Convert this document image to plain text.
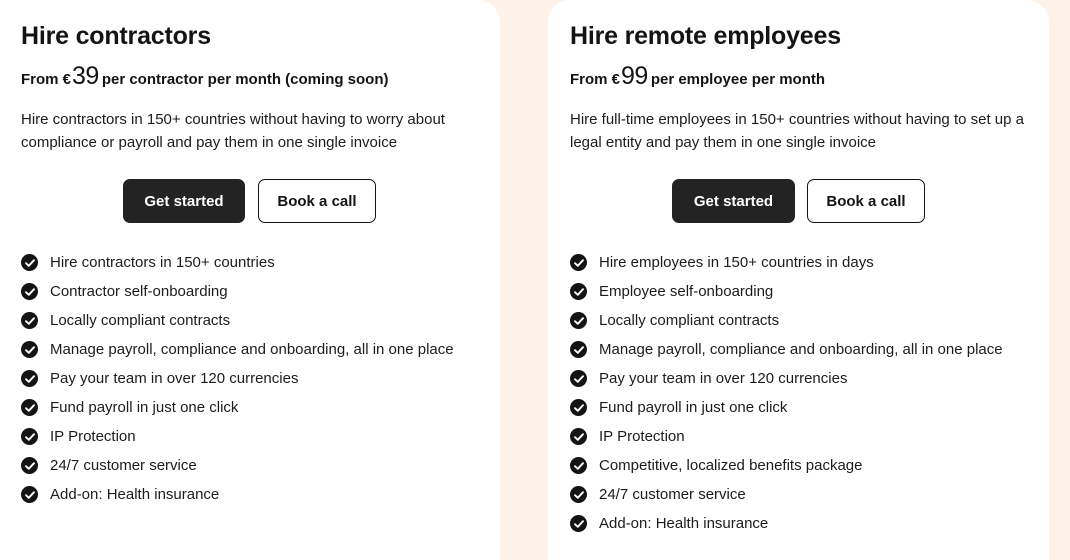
Hire contractors
From €39 per contractor per month (coming soon)

Hire contractors in 150+ countries without having to worry about compliance or payroll and pay them in one single invoice

Get started	Book a call
Hire contractors in 150+ countries
Contractor self-onboarding
Locally compliant contracts
Manage payroll, compliance and onboarding, all in one place
Pay your team in over 120 currencies
Fund payroll in just one click
IP Protection
24/7 customer service
Add-on: Health insurance
Hire remote employees
From €99 per employee per month

Hire full-time employees in 150+ countries without having to set up a legal entity and pay them in one single invoice

Get started	Book a call
Hire employees in 150+ countries in days
Employee self-onboarding
Locally compliant contracts
Manage payroll, compliance and onboarding, all in one place
Pay your team in over 120 currencies
Fund payroll in just one click
IP Protection
Competitive, localized benefits package
24/7 customer service
Add-on: Health insurance
